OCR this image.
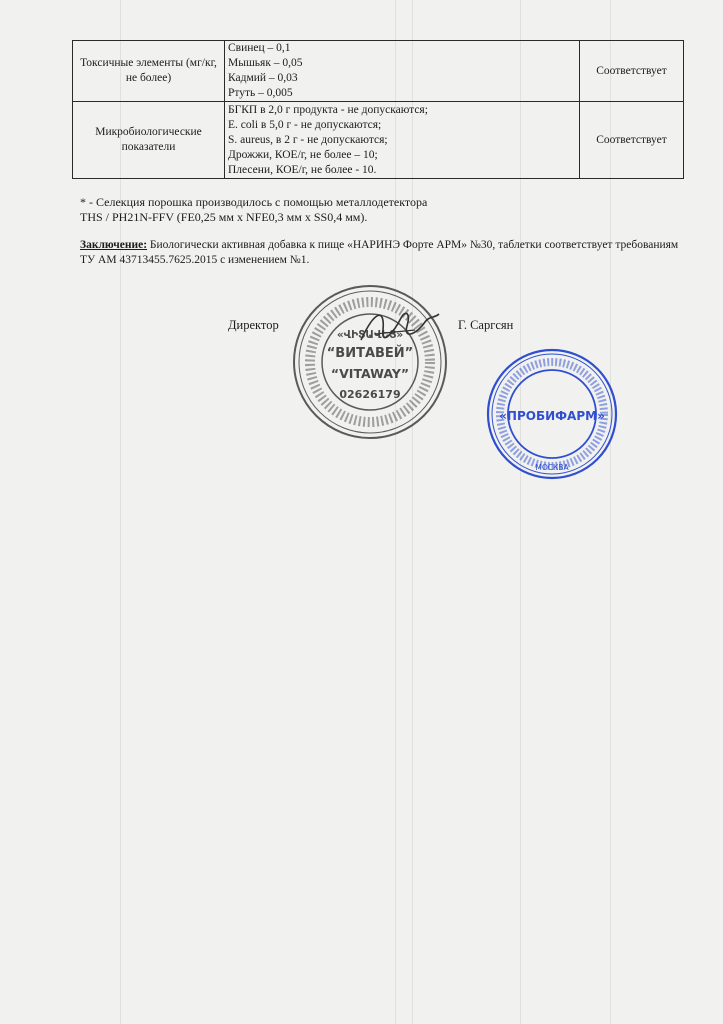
Токсичные элементы (мг/кг, не более)	Свинец – 0,1
Мышьяк – 0,05
Кадмий – 0,03
Ртуть – 0,005	Соответствует
Микробиологические показатели	БГКП в 2,0 г продукта - не допускаются;
E. coli в 5,0 г - не допускаются;
S. aureus, в 2 г - не допускаются;
Дрожжи, КОЕ/г, не более – 10;
Плесени, КОЕ/г, не более - 10.	Соответствует
* - Селекция порошка производилось с помощью металлодетектора
THS / PH21N-FFV (FE0,25 мм x NFE0,3 мм x SS0,4 мм).
Заключение: Биологически активная добавка к пище «НАРИНЭ Форте АРМ» №30, таблетки соответствует требованиям ТУ AM 43713455.7625.2015 с изменением №1.
Директор	Г. Саргсян
«ՎԻՏԱՎԵՅ»
“ВИТАВЕЙ”
“VITAWAY”
02626179
«ПРОБИФАРМ»
МОСКВА
